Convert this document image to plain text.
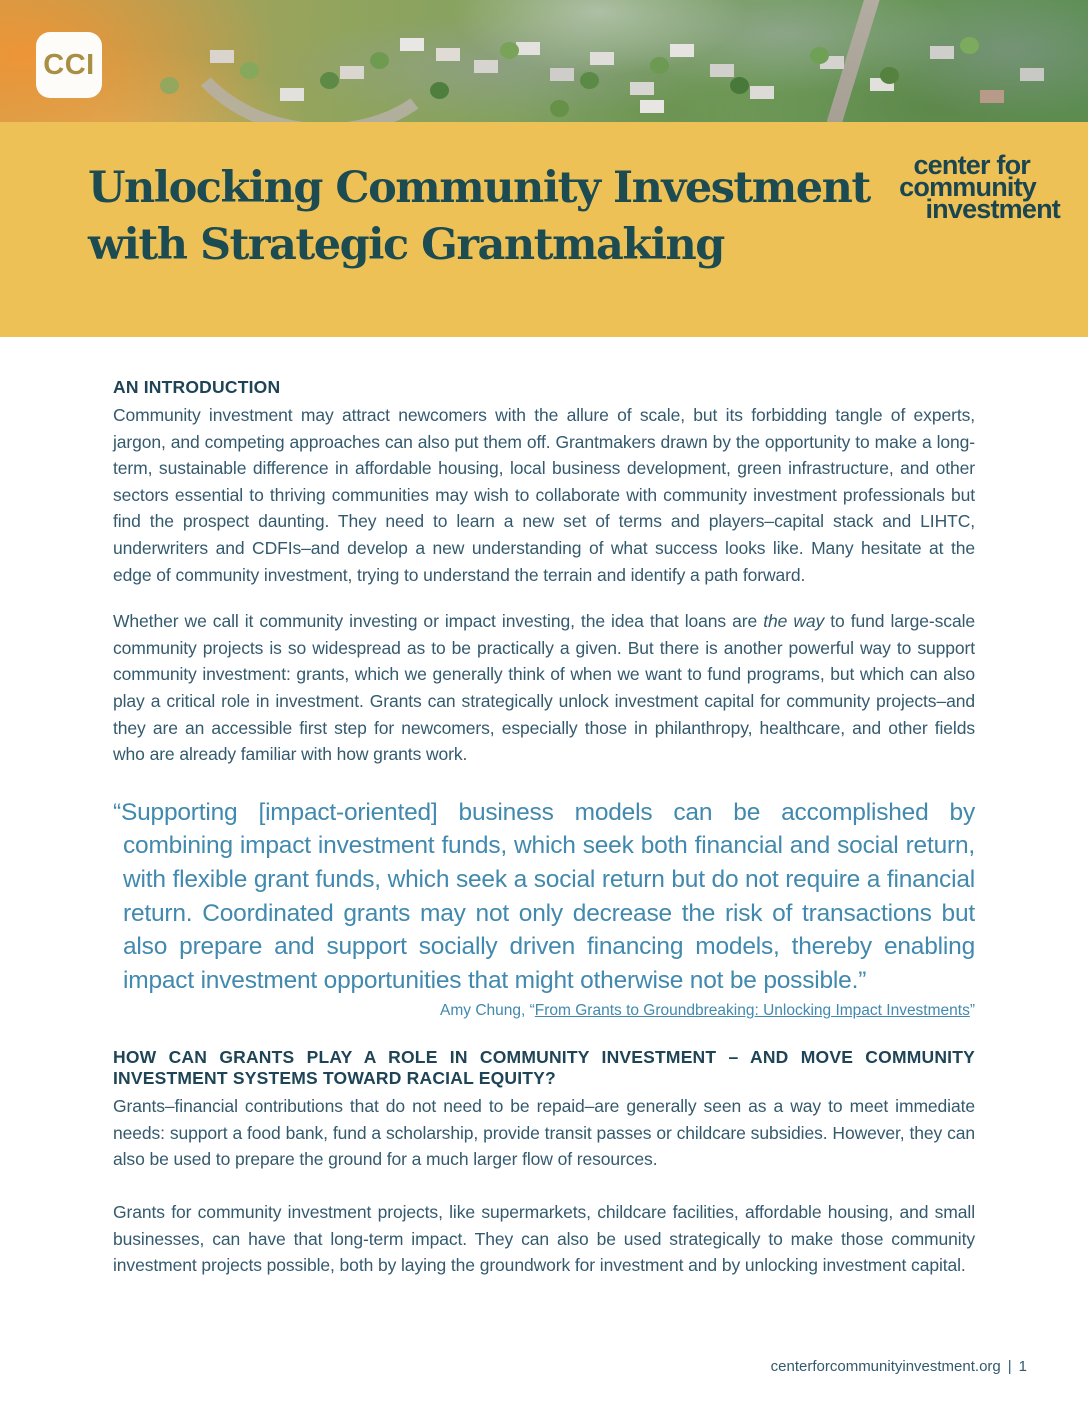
CCI
Unlocking Community Investment
with Strategic Grantmaking
center for
community
investment
AN INTRODUCTION

Community investment may attract newcomers with the allure of scale, but its forbidding tangle of experts, jargon, and competing approaches can also put them off. Grantmakers drawn by the opportunity to make a long-term, sustainable difference in affordable housing, local business development, green infrastructure, and other sectors essential to thriving communities may wish to collaborate with community investment professionals but find the prospect daunting. They need to learn a new set of terms and players–capital stack and LIHTC, underwriters and CDFIs–and develop a new understanding of what success looks like. Many hesitate at the edge of community investment, trying to understand the terrain and identify a path forward.

Whether we call it community investing or impact investing, the idea that loans are the way to fund large-scale community projects is so widespread as to be practically a given. But there is another powerful way to support community investment: grants, which we generally think of when we want to fund programs, but which can also play a critical role in investment. Grants can strategically unlock investment capital for community projects–and they are an accessible first step for newcomers, especially those in philanthropy, healthcare, and other fields who are already familiar with how grants work.

“Supporting [impact-oriented] business models can be accomplished by combining impact investment funds, which seek both financial and social return, with flexible grant funds, which seek a social return but do not require a financial return. Coordinated grants may not only decrease the risk of transactions but also prepare and support socially driven financing models, thereby enabling impact investment opportunities that might otherwise not be possible.”
Amy Chung, “From Grants to Groundbreaking: Unlocking Impact Investments”
HOW CAN GRANTS PLAY A ROLE IN COMMUNITY INVESTMENT – AND MOVE COMMUNITY INVESTMENT SYSTEMS TOWARD RACIAL EQUITY?

Grants–financial contributions that do not need to be repaid–are generally seen as a way to meet immediate needs: support a food bank, fund a scholarship, provide transit passes or childcare subsidies. However, they can also be used to prepare the ground for a much larger flow of resources.

Grants for community investment projects, like supermarkets, childcare facilities, affordable housing, and small businesses, can have that long-term impact. They can also be used strategically to make those community investment projects possible, both by laying the groundwork for investment and by unlocking investment capital.

centerforcommunityinvestment.org | 1
